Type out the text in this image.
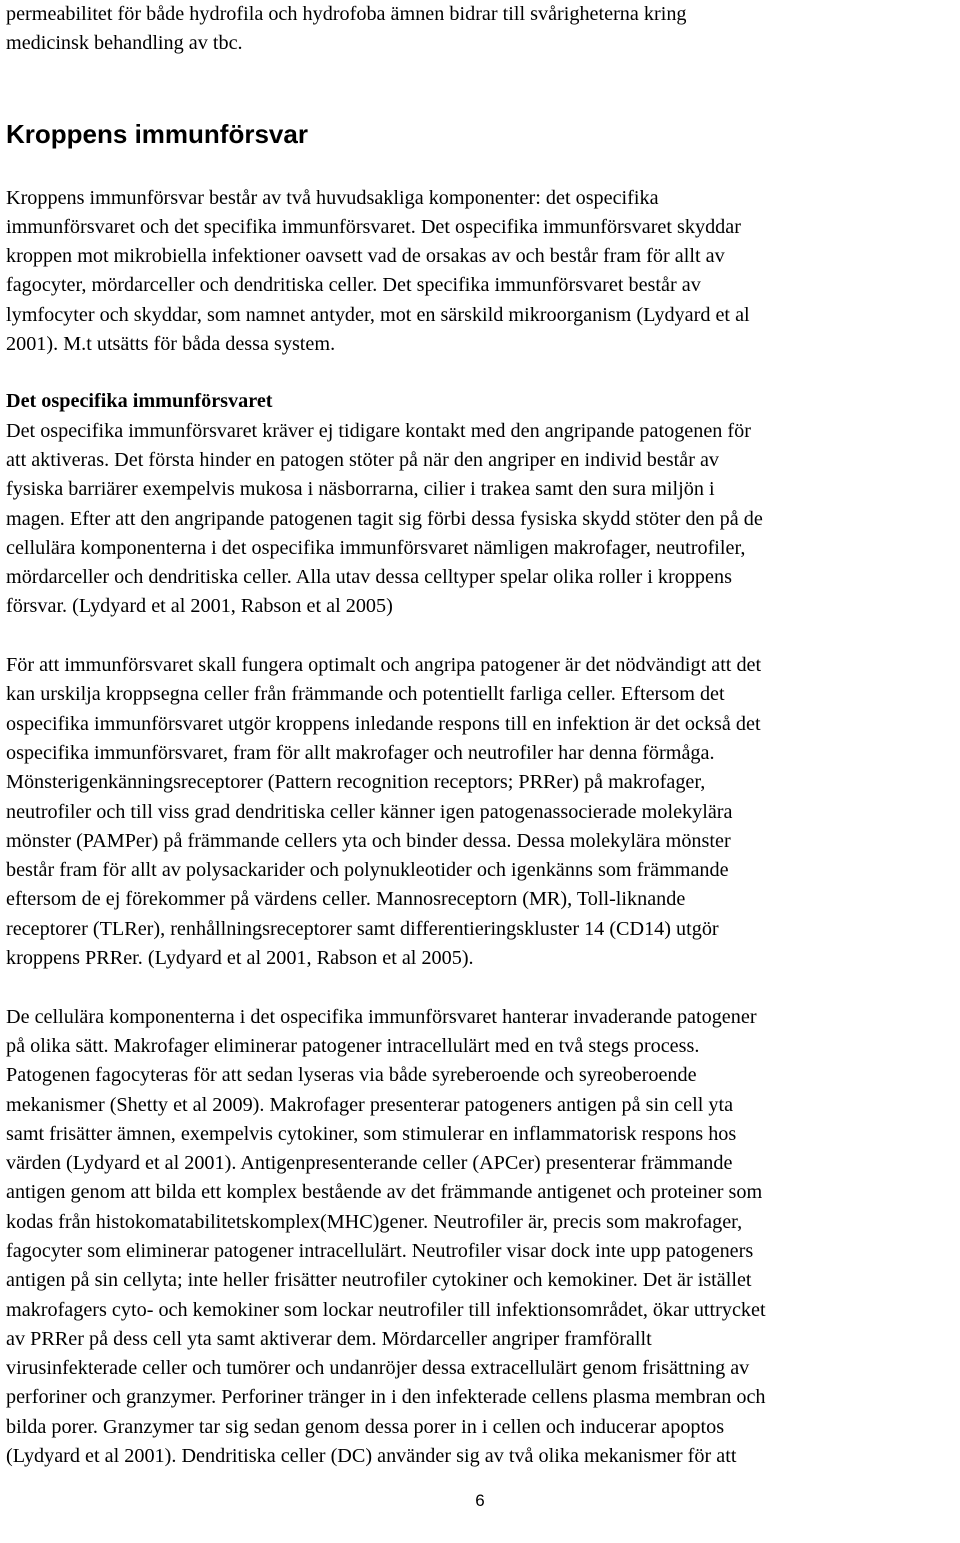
permeabilitet för både hydrofila och hydrofoba ämnen bidrar till svårigheterna kring
medicinsk behandling av tbc.

Kroppens immunförsvar

Kroppens immunförsvar består av två huvudsakliga komponenter: det ospecifika
immunförsvaret och det specifika immunförsvaret. Det ospecifika immunförsvaret skyddar
kroppen mot mikrobiella infektioner oavsett vad de orsakas av och består fram för allt av
fagocyter, mördarceller och dendritiska celler. Det specifika immunförsvaret består av
lymfocyter och skyddar, som namnet antyder, mot en särskild mikroorganism (Lydyard et al
2001). M.t utsätts för båda dessa system.

Det ospecifika immunförsvaret
Det ospecifika immunförsvaret kräver ej tidigare kontakt med den angripande patogenen för
att aktiveras. Det första hinder en patogen stöter på när den angriper en individ består av
fysiska barriärer exempelvis mukosa i näsborrarna, cilier i trakea samt den sura miljön i
magen. Efter att den angripande patogenen tagit sig förbi dessa fysiska skydd stöter den på de
cellulära komponenterna i det ospecifika immunförsvaret nämligen makrofager, neutrofiler,
mördarceller och dendritiska celler. Alla utav dessa celltyper spelar olika roller i kroppens
försvar. (Lydyard et al 2001, Rabson et al 2005)

För att immunförsvaret skall fungera optimalt och angripa patogener är det nödvändigt att det
kan urskilja kroppsegna celler från främmande och potentiellt farliga celler. Eftersom det
ospecifika immunförsvaret utgör kroppens inledande respons till en infektion är det också det
ospecifika immunförsvaret, fram för allt makrofager och neutrofiler har denna förmåga.
Mönsterigenkänningsreceptorer (Pattern recognition receptors; PRRer) på makrofager,
neutrofiler och till viss grad dendritiska celler känner igen patogenassocierade molekylära
mönster (PAMPer) på främmande cellers yta och binder dessa. Dessa molekylära mönster
består fram för allt av polysackarider och polynukleotider och igenkänns som främmande
eftersom de ej förekommer på värdens celler. Mannosreceptorn (MR), Toll-liknande
receptorer (TLRer), renhållningsreceptorer samt differentieringskluster 14 (CD14) utgör
kroppens PRRer. (Lydyard et al 2001, Rabson et al 2005).

De cellulära komponenterna i det ospecifika immunförsvaret hanterar invaderande patogener
på olika sätt. Makrofager eliminerar patogener intracellulärt med en två stegs process.
Patogenen fagocyteras för att sedan lyseras via både syreberoende och syreoberoende
mekanismer (Shetty et al 2009). Makrofager presenterar patogeners antigen på sin cell yta
samt frisätter ämnen, exempelvis cytokiner, som stimulerar en inflammatorisk respons hos
värden (Lydyard et al 2001). Antigenpresenterande celler (APCer) presenterar främmande
antigen genom att bilda ett komplex bestående av det främmande antigenet och proteiner som
kodas från histokomatabilitetskomplex(MHC)gener. Neutrofiler är, precis som makrofager,
fagocyter som eliminerar patogener intracellulärt. Neutrofiler visar dock inte upp patogeners
antigen på sin cellyta; inte heller frisätter neutrofiler cytokiner och kemokiner. Det är istället
makrofagers cyto- och kemokiner som lockar neutrofiler till infektionsområdet, ökar uttrycket
av PRRer på dess cell yta samt aktiverar dem. Mördarceller angriper framförallt
virusinfekterade celler och tumörer och undanröjer dessa extracellulärt genom frisättning av
perforiner och granzymer. Perforiner tränger in i den infekterade cellens plasma membran och
bilda porer. Granzymer tar sig sedan genom dessa porer in i cellen och inducerar apoptos
(Lydyard et al 2001). Dendritiska celler (DC) använder sig av två olika mekanismer för att

6
